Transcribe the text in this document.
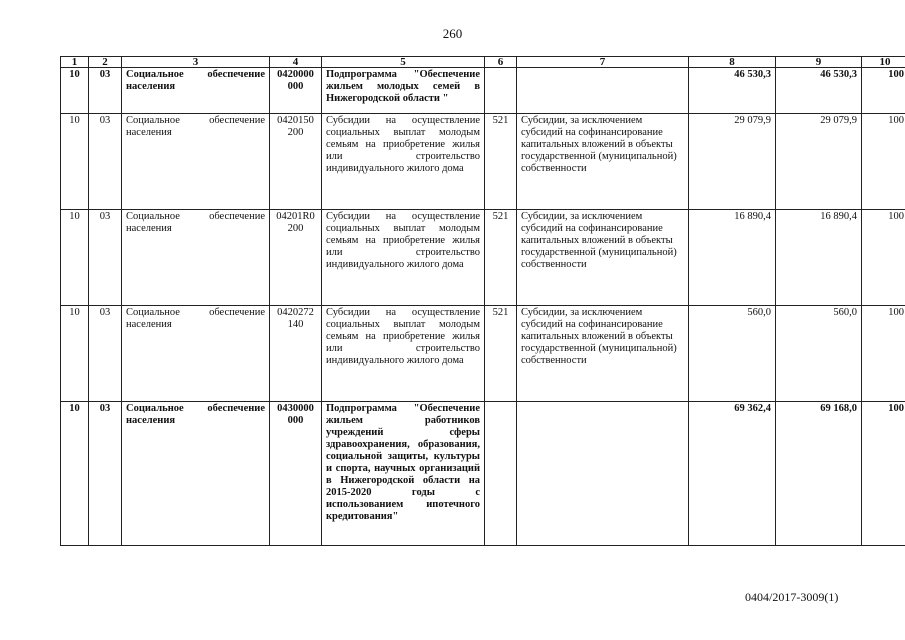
260
1	2	3	4	5	6	7	8	9	10
10	03	Социальное обеспечение населения	0420000 000	Подпрограмма "Обеспечение жильем молодых семей в Нижегородской области "			46 530,3	46 530,3	100
10	03	Социальное обеспечение населения	0420150 200	Субсидии на осуществление социальных выплат молодым семьям на приобретение жилья или строительство индивидуального жилого дома	521	Субсидии, за исключением субсидий на софинансирование капитальных вложений в объекты государственной (муниципальной) собственности	29 079,9	29 079,9	100
10	03	Социальное обеспечение населения	04201R0 200	Субсидии на осуществление социальных выплат молодым семьям на приобретение жилья или строительство индивидуального жилого дома	521	Субсидии, за исключением субсидий на софинансирование капитальных вложений в объекты государственной (муниципальной) собственности	16 890,4	16 890,4	100
10	03	Социальное обеспечение населения	0420272 140	Субсидии на осуществление социальных выплат молодым семьям на приобретение жилья или строительство индивидуального жилого дома	521	Субсидии, за исключением субсидий на софинансирование капитальных вложений в объекты государственной (муниципальной) собственности	560,0	560,0	100
10	03	Социальное обеспечение населения	0430000 000	Подпрограмма "Обеспечение жильем работников учреждений сферы здравоохранения, образования, социальной защиты, культуры и спорта, научных организаций в Нижегородской области на 2015-2020 годы с использованием ипотечного кредитования"			69 362,4	69 168,0	100
0404/2017-3009(1)
